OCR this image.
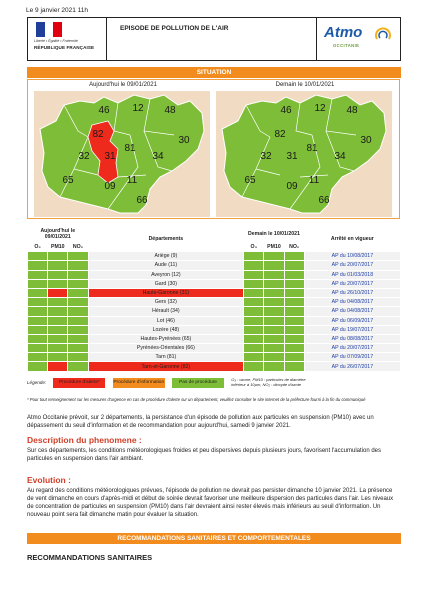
Le 9 janvier 2021 11h
Liberté • Égalité • Fraternité
RÉPUBLIQUE FRANÇAISE
EPISODE DE POLLUTION DE L'AIR	Atmo
OCCITANIE
SITUATION
Aujourd'hui le 09/01/2021	Demain le 10/01/2021
46 12 48
30
82
81
34
32 31
65
09
11
66
46 12 48
30
82
81
34
32 31
65
09
11
66
Aujourd'hui le 09/01/2021			Départements	Demain le 10/01/2021			Arrêté en vigueur
O₃	PM10	NO₂		O₃	PM10	NO₂	
			Ariège (9)				AP du 10/08/2017
			Aude (11)				AP du 20/07/2017
			Aveyron (12)				AP du 01/03/2018
			Gard (30)				AP du 20/07/2017
			Haute-Garonne (31)				AP du 26/10/2017
			Gers (32)				AP du 04/08/2017
			Hérault (34)				AP du 04/08/2017
			Lot (46)				AP du 06/09/2017
			Lozère (48)				AP du 19/07/2017
			Hautes-Pyrénées (65)				AP du 08/08/2017
			Pyrénées-Orientales (66)				AP du 20/07/2017
			Tarn (81)				AP du 07/09/2017
			Tarn-et-Garonne (82)				AP du 26/07/2017
Légende:	Procédure d'alerte*	Procédure d'information	Pas de procédure O₃ : ozone, PM10 : particules de diamètre inférieur à 10µm, NO₂ : dioxyde d'azote
* Pour tout renseignement sur les mesures d'urgence en cas de procédure d'alerte sur un département, veuillez consulter le site internet de la préfecture fourni à la fin du communiqué
Atmo Occitanie prévoit, sur 2 départements, la persistance d'un épisode de pollution aux particules en suspension (PM10) avec un dépassement du seuil d'information et de recommandation pour aujourd'hui, samedi 9 janvier 2021.
Description du phenomene :
Sur ces départements, les conditions météorologiques froides et peu dispersives depuis plusieurs jours, favorisent l'accumulation des particules en suspension dans l'air ambiant.
Evolution :
Au regard des conditions météorologiques prévues, l'épisode de pollution ne devrait pas persister dimanche 10 janvier 2021. La présence de vent dimanche en cours d'après-midi et début de soirée devrait favoriser une meilleure dispersion des particules dans l'air. Les niveaux de concentration de particules en suspension (PM10) dans l'air devraient ainsi rester élevés mais inférieurs au seuil d'information. Un nouveau point sera fait dimanche matin pour évaluer la situation.
RECOMMANDATIONS SANITAIRES ET COMPORTEMENTALES
RECOMMANDATIONS SANITAIRES
